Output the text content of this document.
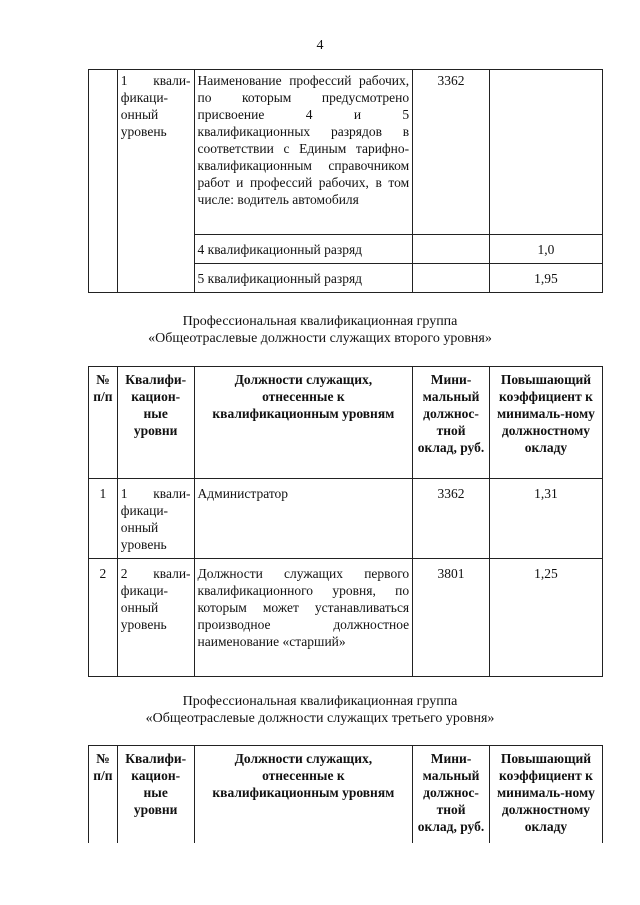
4
	1 квали-фикаци-онный уровень	Наименование профессий рабочих, по которым предусмотрено присвоение 4 и 5 квалификационных разрядов в соответствии с Единым тарифно-квалификационным справочником работ и профессий рабочих, в том числе: водитель автомобиля	3362	
		4 квалификационный разряд		1,0
		5 квалификационный разряд		1,95
Профессиональная квалификационная группа
«Общеотраслевые должности служащих второго уровня»
№ п/п	Квалифи-кацион-ные уровни	Должности служащих, отнесенные к квалификационным уровням	Мини-мальный должнос-тной оклад, руб.	Повышающий коэффициент к минималь-ному должностному окладу
1	1 квали-фикаци-онный уровень	Администратор	3362	1,31
2	2 квали-фикаци-онный уровень	Должности служащих первого квалификационного уровня, по которым может устанавливаться производное должностное наименование «старший»	3801	1,25
Профессиональная квалификационная группа
«Общеотраслевые должности служащих третьего уровня»
№ п/п	Квалифи-кацион-ные уровни	Должности служащих, отнесенные к квалификационным уровням	Мини-мальный должнос-тной оклад, руб.	Повышающий коэффициент к минималь-ному должностному окладу
